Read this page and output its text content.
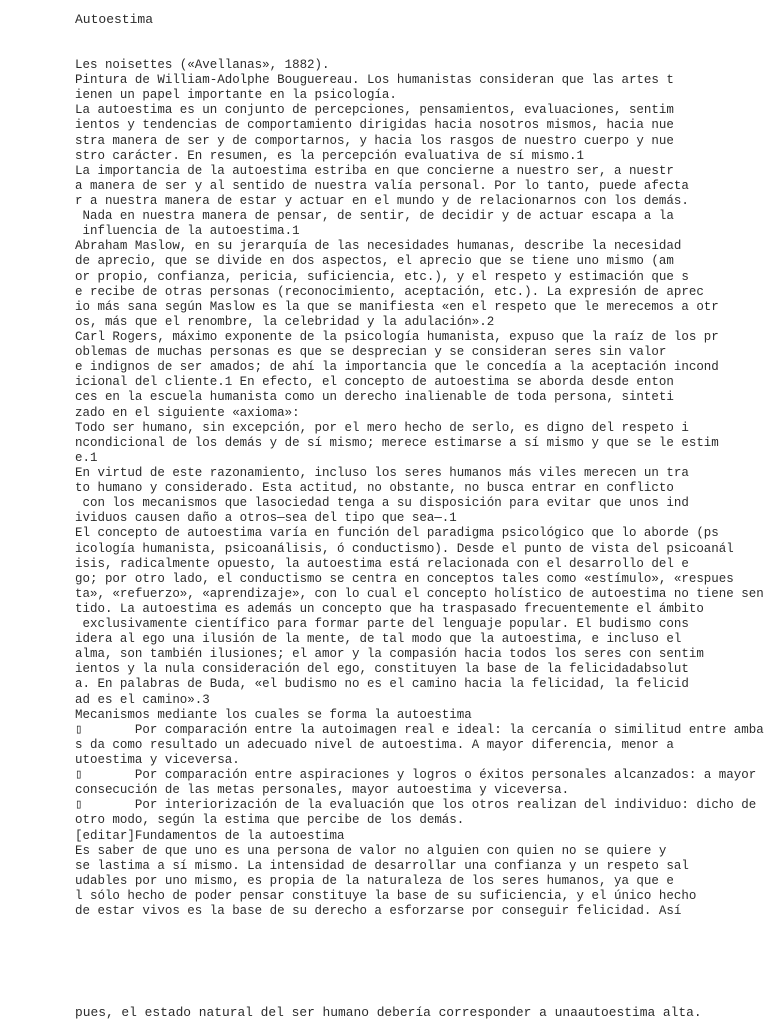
Autoestima
Les noisettes («Avellanas», 1882).
Pintura de William-Adolphe Bouguereau. Los humanistas consideran que las artes t
ienen un papel importante en la psicología.
La autoestima es un conjunto de percepciones, pensamientos, evaluaciones, sentim
ientos y tendencias de comportamiento dirigidas hacia nosotros mismos, hacia nue
stra manera de ser y de comportarnos, y hacia los rasgos de nuestro cuerpo y nue
stro carácter. En resumen, es la percepción evaluativa de sí mismo.1
La importancia de la autoestima estriba en que concierne a nuestro ser, a nuestr
a manera de ser y al sentido de nuestra valía personal. Por lo tanto, puede afecta
r a nuestra manera de estar y actuar en el mundo y de relacionarnos con los demás.
Nada en nuestra manera de pensar, de sentir, de decidir y de actuar escapa a la
influencia de la autoestima.1
Abraham Maslow, en su jerarquía de las necesidades humanas, describe la necesidad
de aprecio, que se divide en dos aspectos, el aprecio que se tiene uno mismo (am
or propio, confianza, pericia, suficiencia, etc.), y el respeto y estimación que s
e recibe de otras personas (reconocimiento, aceptación, etc.). La expresión de aprec
io más sana según Maslow es la que se manifiesta «en el respeto que le merecemos a otr
os, más que el renombre, la celebridad y la adulación».2
Carl Rogers, máximo exponente de la psicología humanista, expuso que la raíz de los pr
oblemas de muchas personas es que se desprecian y se consideran seres sin valor
e indignos de ser amados; de ahí la importancia que le concedía a la aceptación incond
icional del cliente.1 En efecto, el concepto de autoestima se aborda desde enton
ces en la escuela humanista como un derecho inalienable de toda persona, sinteti
zado en el siguiente «axioma»:
Todo ser humano, sin excepción, por el mero hecho de serlo, es digno del respeto i
ncondicional de los demás y de sí mismo; merece estimarse a sí mismo y que se le estim
e.1
En virtud de este razonamiento, incluso los seres humanos más viles merecen un tra
to humano y considerado. Esta actitud, no obstante, no busca entrar en conflicto
con los mecanismos que lasociedad tenga a su disposición para evitar que unos ind
ividuos causen daño a otros—sea del tipo que sea—.1
El concepto de autoestima varía en función del paradigma psicológico que lo aborde (ps
icología humanista, psicoanálisis, ó conductismo). Desde el punto de vista del psicoanál
isis, radicalmente opuesto, la autoestima está relacionada con el desarrollo del e
go; por otro lado, el conductismo se centra en conceptos tales como «estímulo», «respues
ta», «refuerzo», «aprendizaje», con lo cual el concepto holístico de autoestima no tiene sen
tido. La autoestima es además un concepto que ha traspasado frecuentemente el ámbito
exclusivamente científico para formar parte del lenguaje popular. El budismo cons
idera al ego una ilusión de la mente, de tal modo que la autoestima, e incluso el
alma, son también ilusiones; el amor y la compasión hacia todos los seres con sentim
ientos y la nula consideración del ego, constituyen la base de la felicidadabsolut
a. En palabras de Buda, «el budismo no es el camino hacia la felicidad, la felicid
ad es el camino».3
Mecanismos mediante los cuales se forma la autoestima
▯       Por comparación entre la autoimagen real e ideal: la cercanía o similitud entre amba
s da como resultado un adecuado nivel de autoestima. A mayor diferencia, menor a
utoestima y viceversa.
▯       Por comparación entre aspiraciones y logros o éxitos personales alcanzados: a mayor
consecución de las metas personales, mayor autoestima y viceversa.
▯       Por interiorización de la evaluación que los otros realizan del individuo: dicho de
otro modo, según la estima que percibe de los demás.
[editar]Fundamentos de la autoestima
Es saber de que uno es una persona de valor no alguien con quien no se quiere y
se lastima a sí mismo. La intensidad de desarrollar una confianza y un respeto sal
udables por uno mismo, es propia de la naturaleza de los seres humanos, ya que e
l sólo hecho de poder pensar constituye la base de su suficiencia, y el único hecho
de estar vivos es la base de su derecho a esforzarse por conseguir felicidad. Así
pues, el estado natural del ser humano debería corresponder a unaautoestima alta.
